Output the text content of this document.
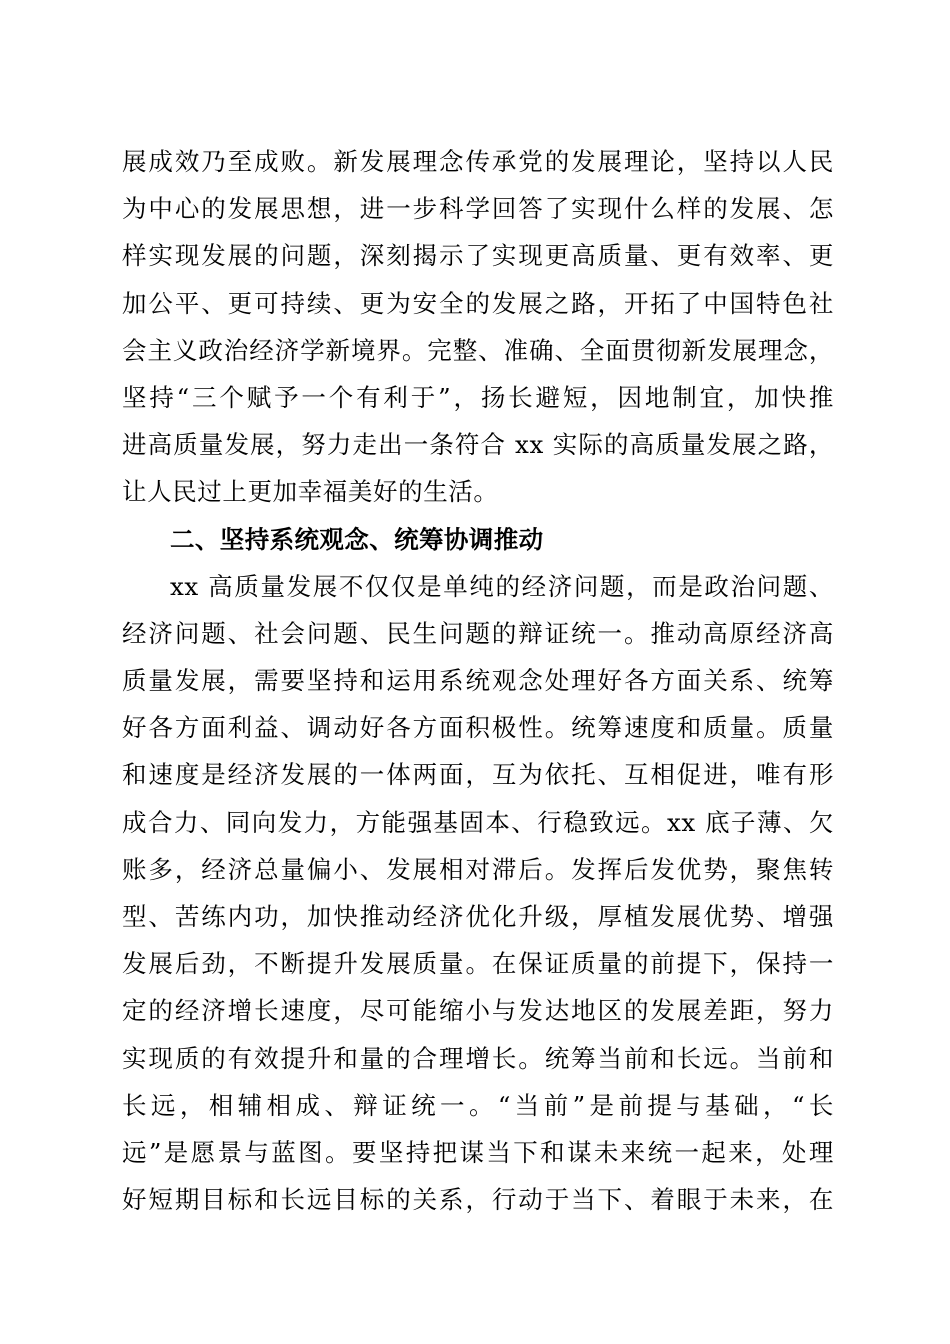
展成效乃至成败。新发展理念传承党的发展理论，坚持以人民
为中心的发展思想，进一步科学回答了实现什么样的发展、怎
样实现发展的问题，深刻揭示了实现更高质量、更有效率、更
加公平、更可持续、更为安全的发展之路，开拓了中国特色社
会主义政治经济学新境界。完整、准确、全面贯彻新发展理念，
坚持“三个赋予一个有利于”，扬长避短，因地制宜，加快推
进高质量发展，努力走出一条符合 xx 实际的高质量发展之路，
让人民过上更加幸福美好的生活。
二、坚持系统观念、统筹协调推动
xx 高质量发展不仅仅是单纯的经济问题，而是政治问题、
经济问题、社会问题、民生问题的辩证统一。推动高原经济高
质量发展，需要坚持和运用系统观念处理好各方面关系、统筹
好各方面利益、调动好各方面积极性。统筹速度和质量。质量
和速度是经济发展的一体两面，互为依托、互相促进，唯有形
成合力、同向发力，方能强基固本、行稳致远。xx 底子薄、欠
账多，经济总量偏小、发展相对滞后。发挥后发优势，聚焦转
型、苦练内功，加快推动经济优化升级，厚植发展优势、增强
发展后劲，不断提升发展质量。在保证质量的前提下，保持一
定的经济增长速度，尽可能缩小与发达地区的发展差距，努力
实现质的有效提升和量的合理增长。统筹当前和长远。当前和
长远，相辅相成、辩证统一。“当前”是前提与基础，“长
远”是愿景与蓝图。要坚持把谋当下和谋未来统一起来，处理
好短期目标和长远目标的关系，行动于当下、着眼于未来，在
